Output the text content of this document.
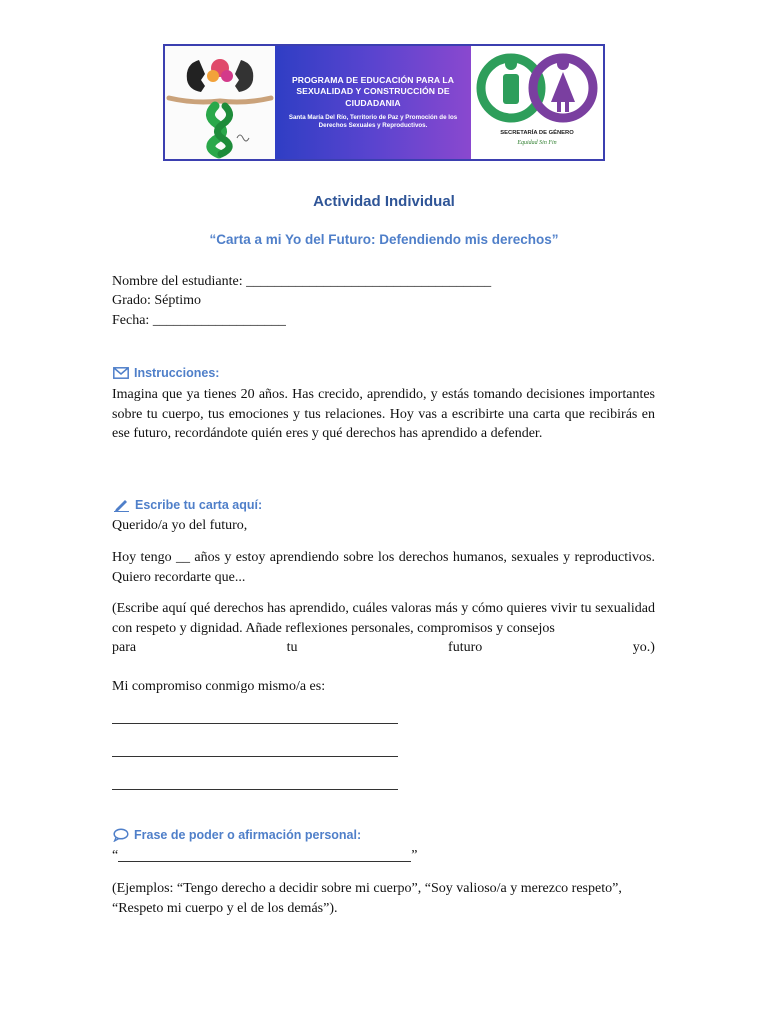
PROGRAMA DE EDUCACIÓN PARA LA SEXUALIDAD Y CONSTRUCCIÓN DE CIUDADANIA
Santa María Del Río, Territorio de Paz y Promoción de los Derechos Sexuales y Reproductivos.
SECRETARÍA DE GÉNERO
Equidad Sin Fin
Actividad Individual
“Carta a mi Yo del Futuro: Defendiendo mis derechos”
Nombre del estudiante: ___________________________________
Grado: Séptimo
Fecha: ___________________
Instrucciones:
Imagina que ya tienes 20 años. Has crecido, aprendido, y estás tomando decisiones importantes sobre tu cuerpo, tus emociones y tus relaciones. Hoy vas a escribirte una carta que recibirás en ese futuro, recordándote quién eres y qué derechos has aprendido a defender.
Escribe tu carta aquí:
Querido/a yo del futuro,
Hoy tengo __ años y estoy aprendiendo sobre los derechos humanos, sexuales y reproductivos. Quiero recordarte que...
(Escribe aquí qué derechos has aprendido, cuáles valoras más y cómo quieres vivir tu sexualidad con respeto y dignidad. Añade reflexiones personales, compromisos y consejos
para	tu	futuro	yo.)
Mi compromiso conmigo mismo/a es:
Frase de poder o afirmación personal:
“	”
(Ejemplos: “Tengo derecho a decidir sobre mi cuerpo”, “Soy valioso/a y merezco respeto”, “Respeto mi cuerpo y el de los demás”).
